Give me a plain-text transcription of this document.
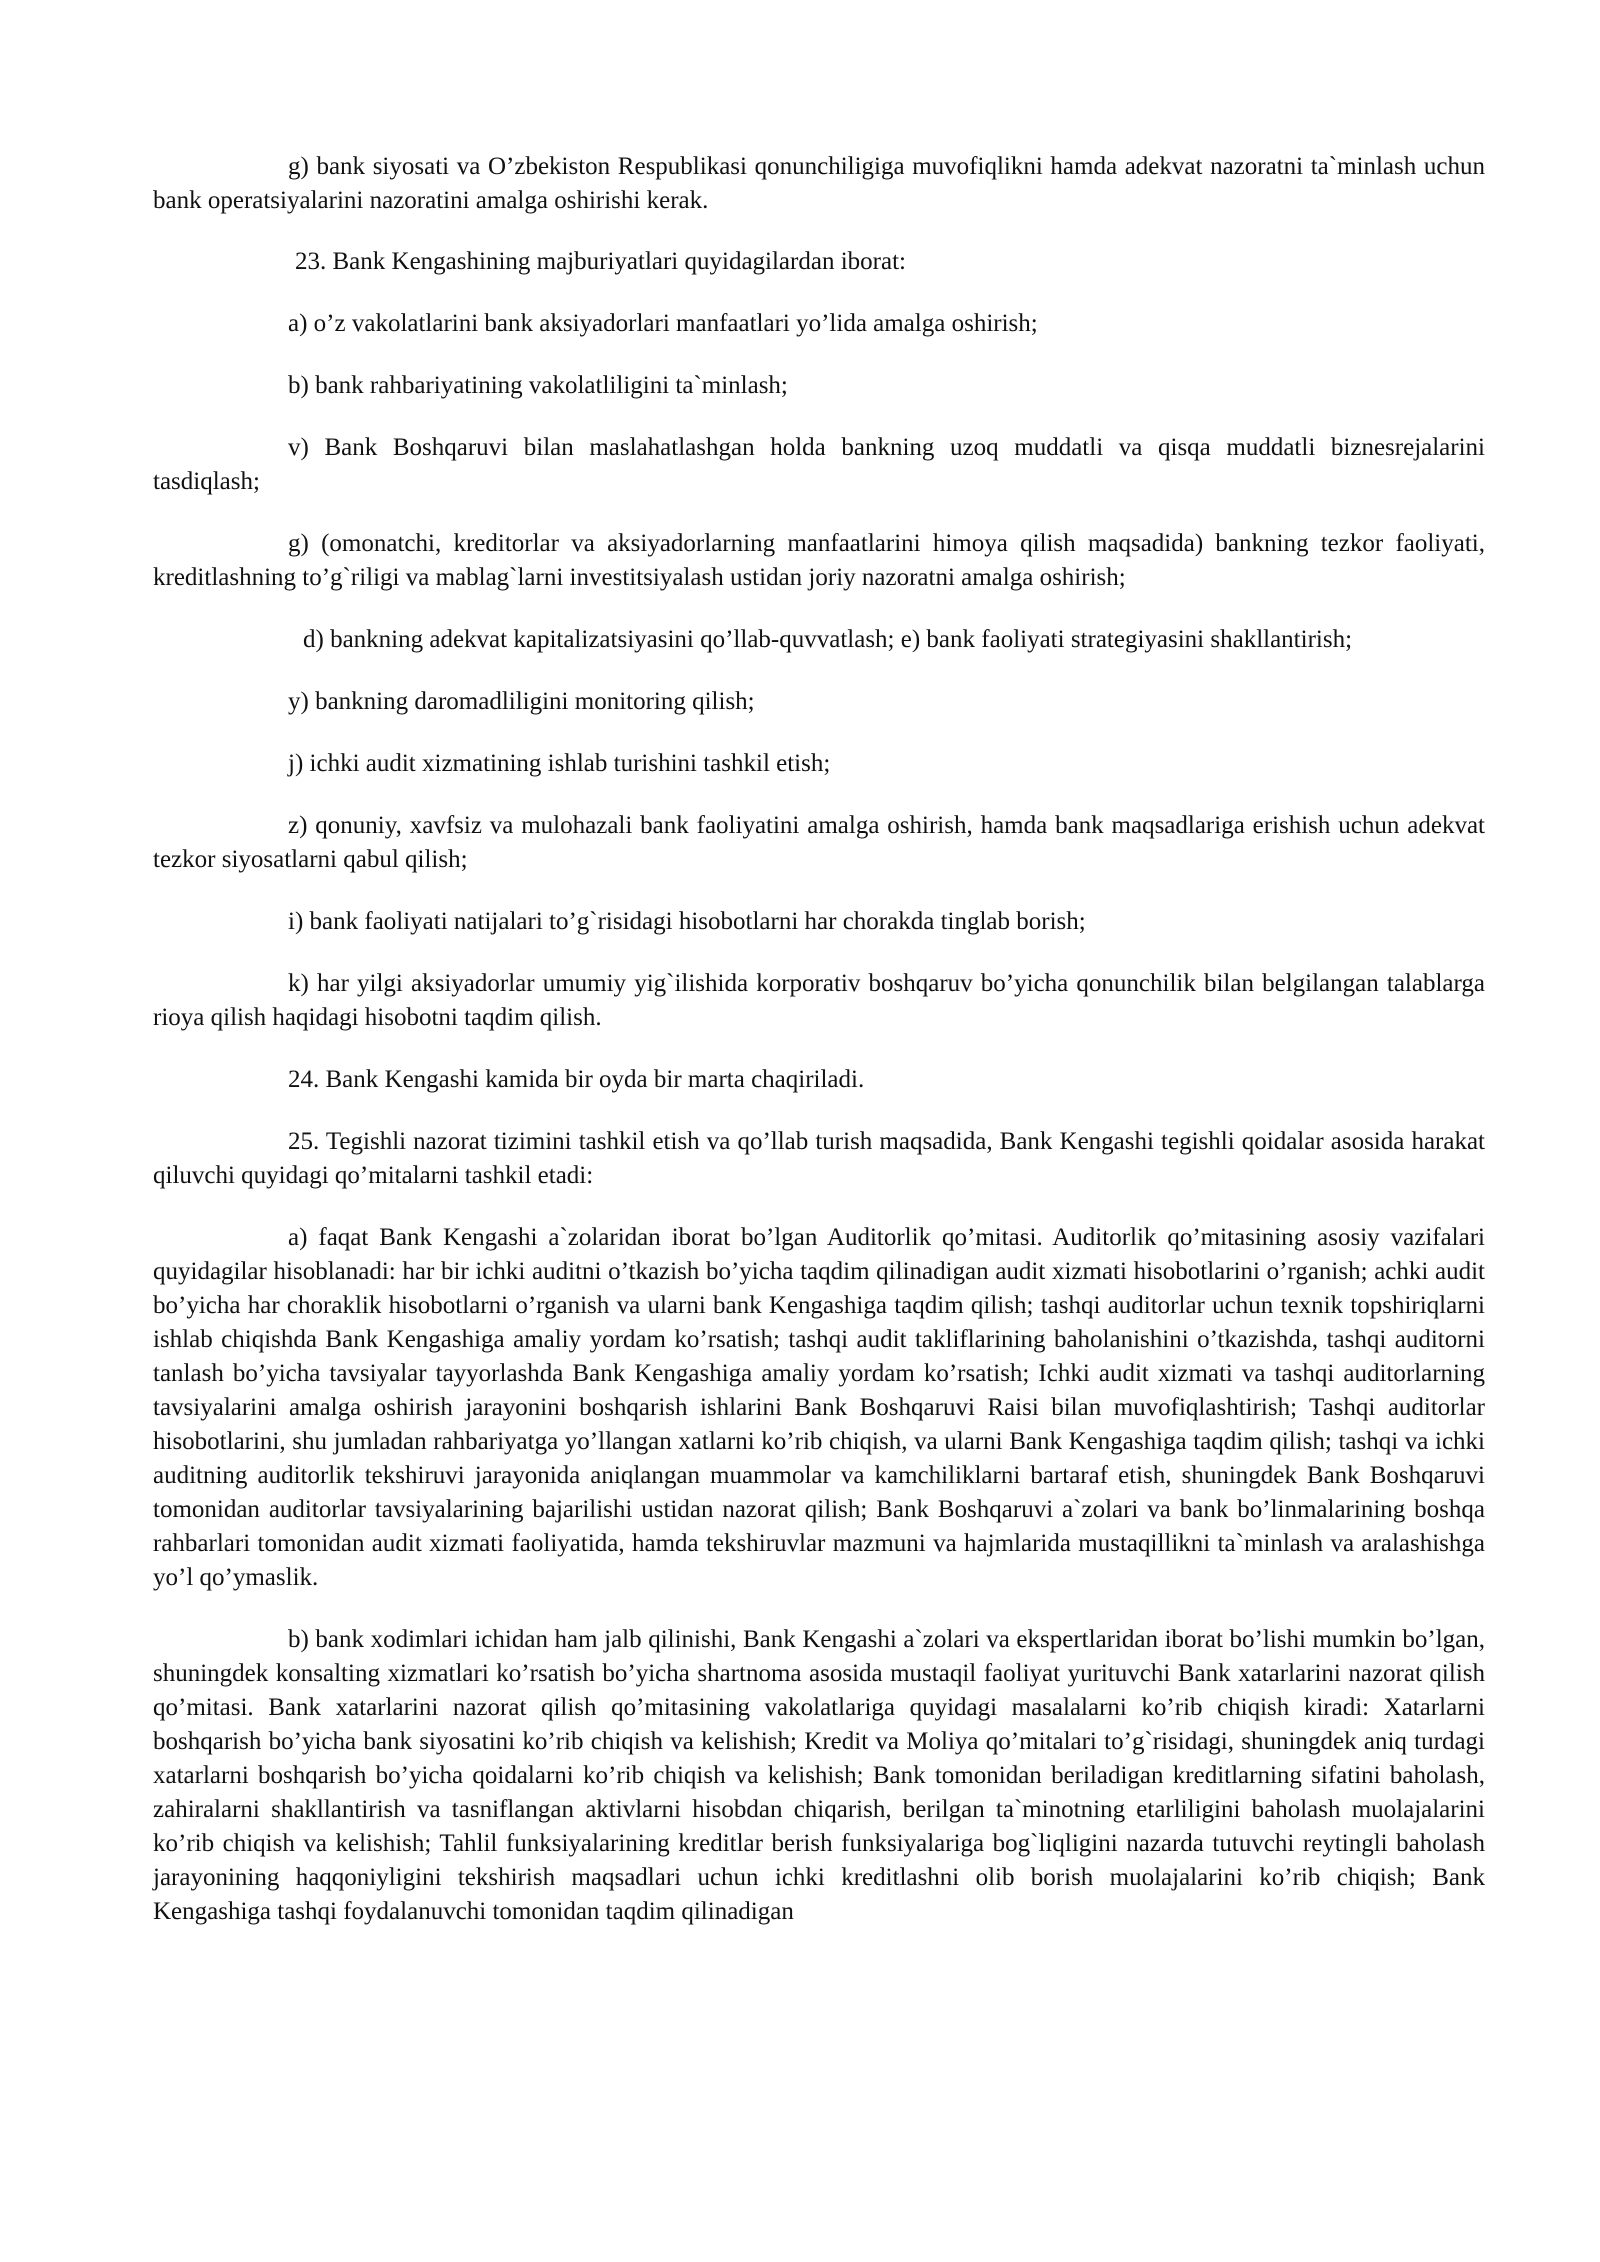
g) bank siyosati va O’zbekiston Respublikasi qonunchiligiga muvofiqlikni hamda adekvat nazoratni ta`minlash uchun bank operatsiyalarini nazoratini amalga oshirishi kerak.

23. Bank Kengashining majburiyatlari quyidagilardan iborat:

a) o’z vakolatlarini bank aksiyadorlari manfaatlari yo’lida amalga oshirish;

b) bank rahbariyatining vakolatliligini ta`minlash;

v) Bank Boshqaruvi bilan maslahatlashgan holda bankning uzoq muddatli va qisqa muddatli biznesrejalarini tasdiqlash;

g) (omonatchi, kreditorlar va aksiyadorlarning manfaatlarini himoya qilish maqsadida) bankning tezkor faoliyati, kreditlashning to’g`riligi va mablag`larni investitsiyalash ustidan joriy nazoratni amalga oshirish;

d) bankning adekvat kapitalizatsiyasini qo’llab-quvvatlash; e) bank faoliyati strategiyasini shakllantirish;

y) bankning daromadliligini monitoring qilish;

j) ichki audit xizmatining ishlab turishini tashkil etish;

z) qonuniy, xavfsiz va mulohazali bank faoliyatini amalga oshirish, hamda bank maqsadlariga erishish uchun adekvat tezkor siyosatlarni qabul qilish;

i) bank faoliyati natijalari to’g`risidagi hisobotlarni har chorakda tinglab borish;

k) har yilgi aksiyadorlar umumiy yig`ilishida korporativ boshqaruv bo’yicha qonunchilik bilan belgilangan talablarga rioya qilish haqidagi hisobotni taqdim qilish.

24. Bank Kengashi kamida bir oyda bir marta chaqiriladi.

25. Tegishli nazorat tizimini tashkil etish va qo’llab turish maqsadida, Bank Kengashi tegishli qoidalar asosida harakat qiluvchi quyidagi qo’mitalarni tashkil etadi:

a) faqat Bank Kengashi a`zolaridan iborat bo’lgan Auditorlik qo’mitasi. Auditorlik qo’mitasining asosiy vazifalari quyidagilar hisoblanadi: har bir ichki auditni o’tkazish bo’yicha taqdim qilinadigan audit xizmati hisobotlarini o’rganish; achki audit bo’yicha har choraklik hisobotlarni o’rganish va ularni bank Kengashiga taqdim qilish; tashqi auditorlar uchun texnik topshiriqlarni ishlab chiqishda Bank Kengashiga amaliy yordam ko’rsatish; tashqi audit takliflarining baholanishini o’tkazishda, tashqi auditorni tanlash bo’yicha tavsiyalar tayyorlashda Bank Kengashiga amaliy yordam ko’rsatish; Ichki audit xizmati va tashqi auditorlarning tavsiyalarini amalga oshirish jarayonini boshqarish ishlarini Bank Boshqaruvi Raisi bilan muvofiqlashtirish; Tashqi auditorlar hisobotlarini, shu jumladan rahbariyatga yo’llangan xatlarni ko’rib chiqish, va ularni Bank Kengashiga taqdim qilish; tashqi va ichki auditning auditorlik tekshiruvi jarayonida aniqlangan muammolar va kamchiliklarni bartaraf etish, shuningdek Bank Boshqaruvi tomonidan auditorlar tavsiyalarining bajarilishi ustidan nazorat qilish; Bank Boshqaruvi a`zolari va bank bo’linmalarining boshqa rahbarlari tomonidan audit xizmati faoliyatida, hamda tekshiruvlar mazmuni va hajmlarida mustaqillikni ta`minlash va aralashishga yo’l qo’ymaslik.

b) bank xodimlari ichidan ham jalb qilinishi, Bank Kengashi a`zolari va ekspertlaridan iborat bo’lishi mumkin bo’lgan, shuningdek konsalting xizmatlari ko’rsatish bo’yicha shartnoma asosida mustaqil faoliyat yurituvchi Bank xatarlarini nazorat qilish qo’mitasi. Bank xatarlarini nazorat qilish qo’mitasining vakolatlariga quyidagi masalalarni ko’rib chiqish kiradi: Xatarlarni boshqarish bo’yicha bank siyosatini ko’rib chiqish va kelishish; Kredit va Moliya qo’mitalari to’g`risidagi, shuningdek aniq turdagi xatarlarni boshqarish bo’yicha qoidalarni ko’rib chiqish va kelishish; Bank tomonidan beriladigan kreditlarning sifatini baholash, zahiralarni shakllantirish va tasniflangan aktivlarni hisobdan chiqarish, berilgan ta`minotning etarliligini baholash muolajalarini ko’rib chiqish va kelishish; Tahlil funksiyalarining kreditlar berish funksiyalariga bog`liqligini nazarda tutuvchi reytingli baholash jarayonining haqqoniyligini tekshirish maqsadlari uchun ichki kreditlashni olib borish muolajalarini ko’rib chiqish; Bank Kengashiga tashqi foydalanuvchi tomonidan taqdim qilinadigan
